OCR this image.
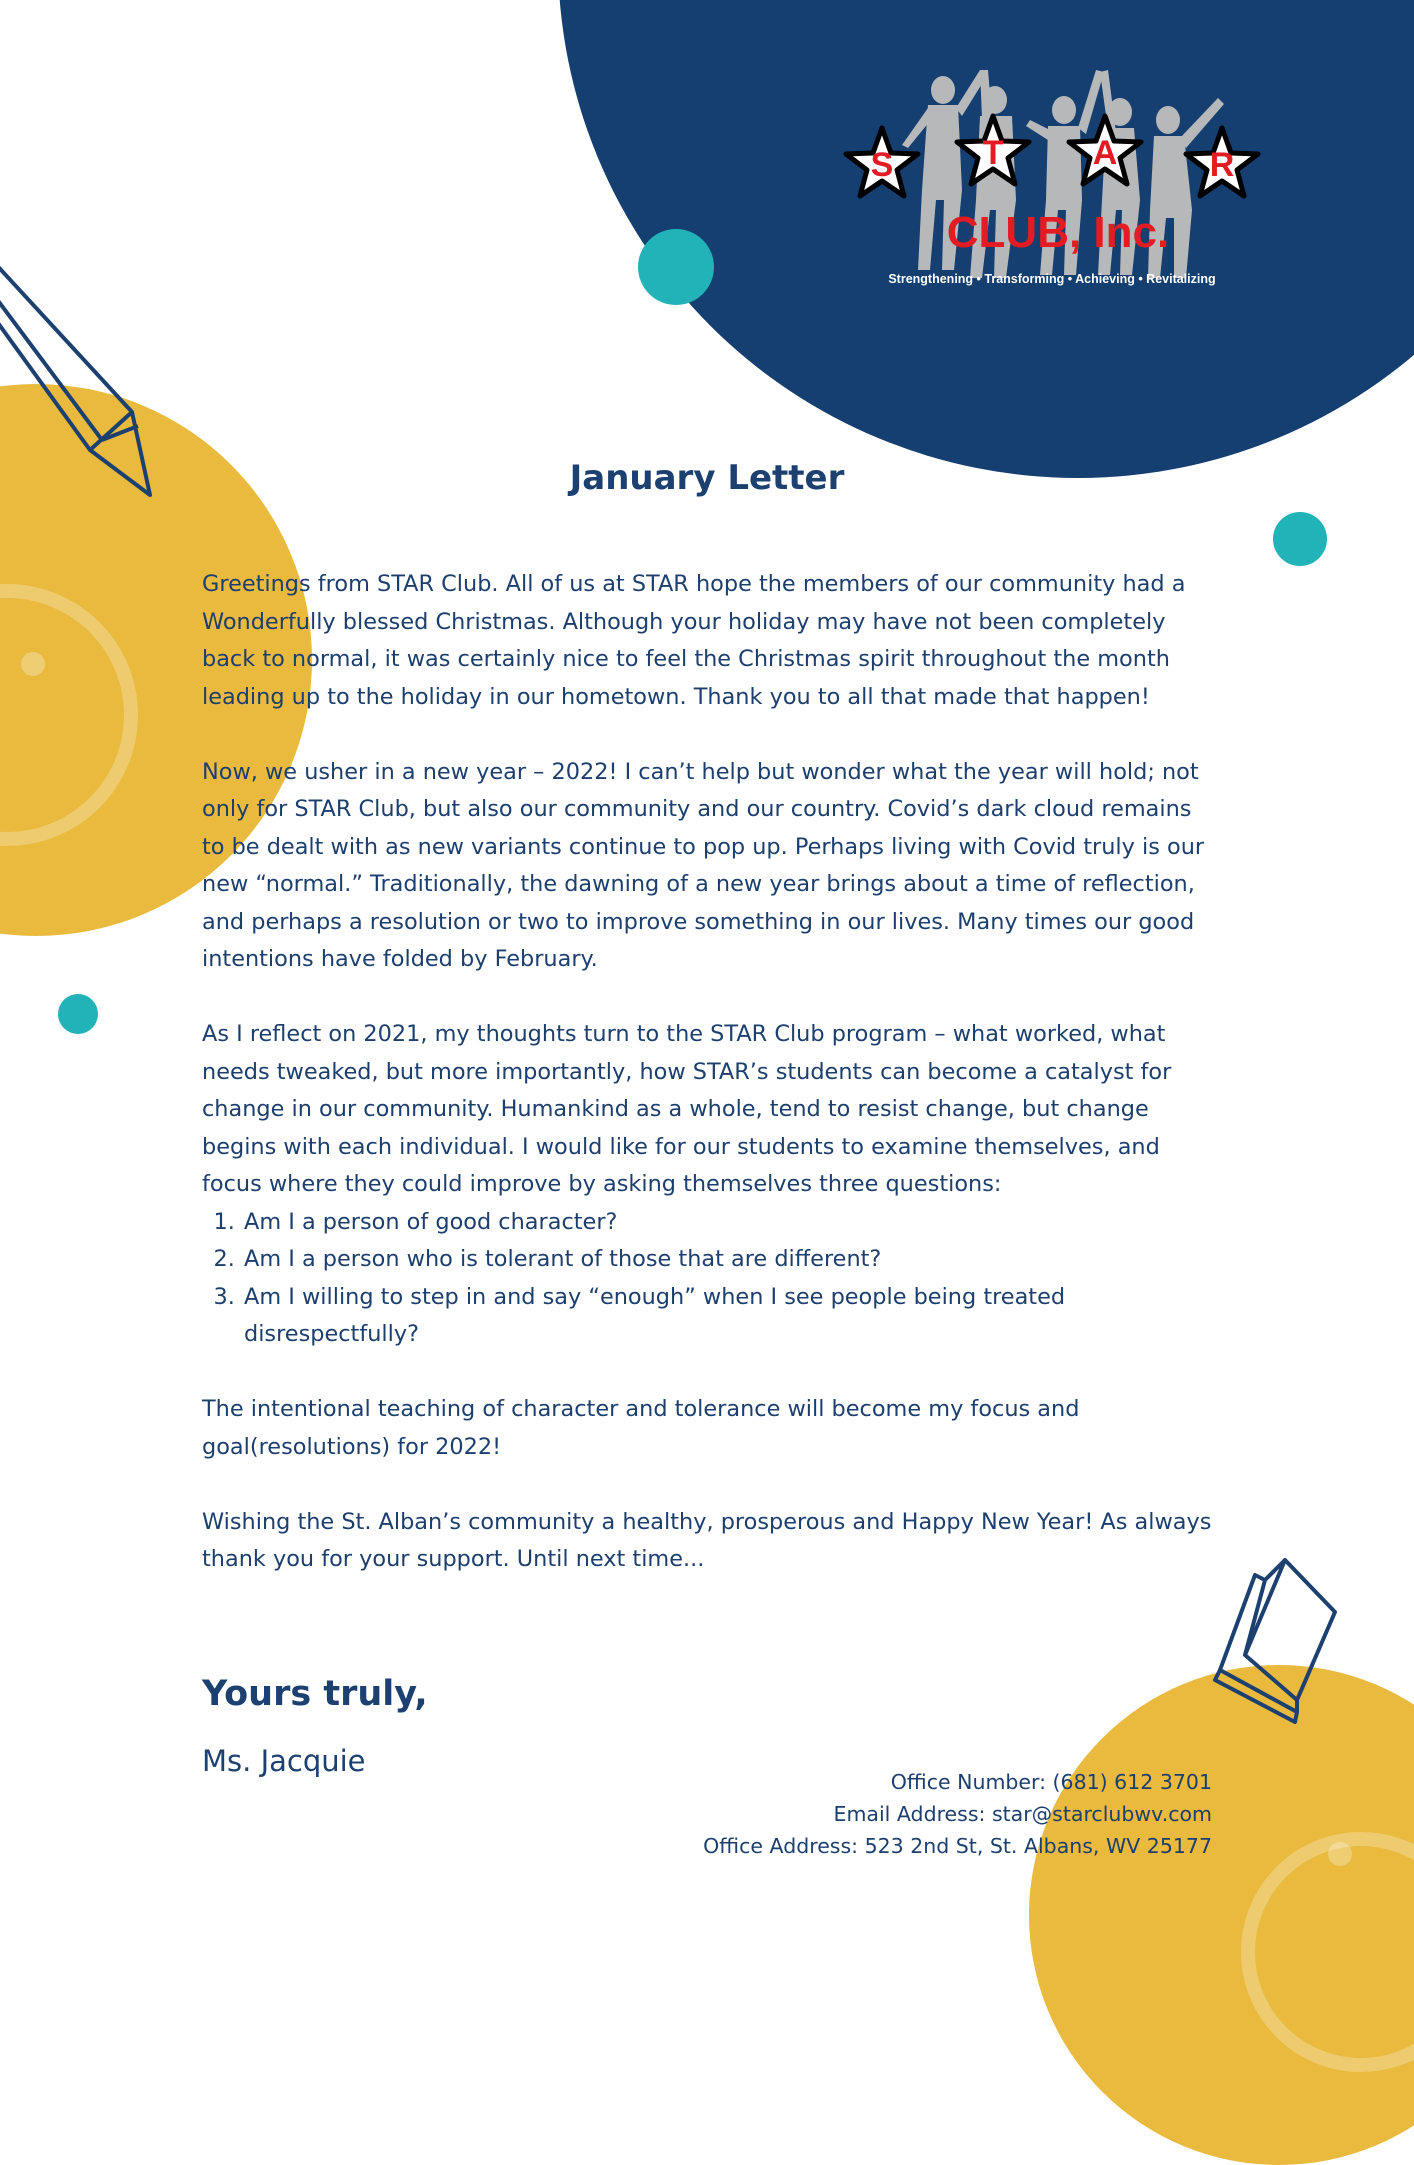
S	T	A	R
CLUB, Inc.
Strengthening • Transforming • Achieving • Revitalizing
January Letter

Greetings from STAR Club. All of us at STAR hope the members of our community had a Wonderfully blessed Christmas. Although your holiday may have not been completely back to normal, it was certainly nice to feel the Christmas spirit throughout the month leading up to the holiday in our hometown. Thank you to all that made that happen!

Now, we usher in a new year – 2022! I can’t help but wonder what the year will hold; not only for STAR Club, but also our community and our country. Covid’s dark cloud remains to be dealt with as new variants continue to pop up. Perhaps living with Covid truly is our new “normal.” Traditionally, the dawning of a new year brings about a time of reflection, and perhaps a resolution or two to improve something in our lives. Many times our good intentions have folded by February.

As I reflect on 2021, my thoughts turn to the STAR Club program – what worked, what needs tweaked, but more importantly, how STAR’s students can become a catalyst for change in our community. Humankind as a whole, tend to resist change, but change begins with each individual. I would like for our students to examine themselves, and focus where they could improve by asking themselves three questions:

1. Am I a person of good character?
2. Am I a person who is tolerant of those that are different?
3. Am I willing to step in and say “enough” when I see people being treated disrespectfully?

The intentional teaching of character and tolerance will become my focus and goal(resolutions) for 2022!

Wishing the St. Alban’s community a healthy, prosperous and Happy New Year! As always thank you for your support. Until next time...

Yours truly,
Ms. Jacquie
Office Number: (681) 612 3701
Email Address: star@starclubwv.com
Office Address: 523 2nd St, St. Albans, WV 25177
